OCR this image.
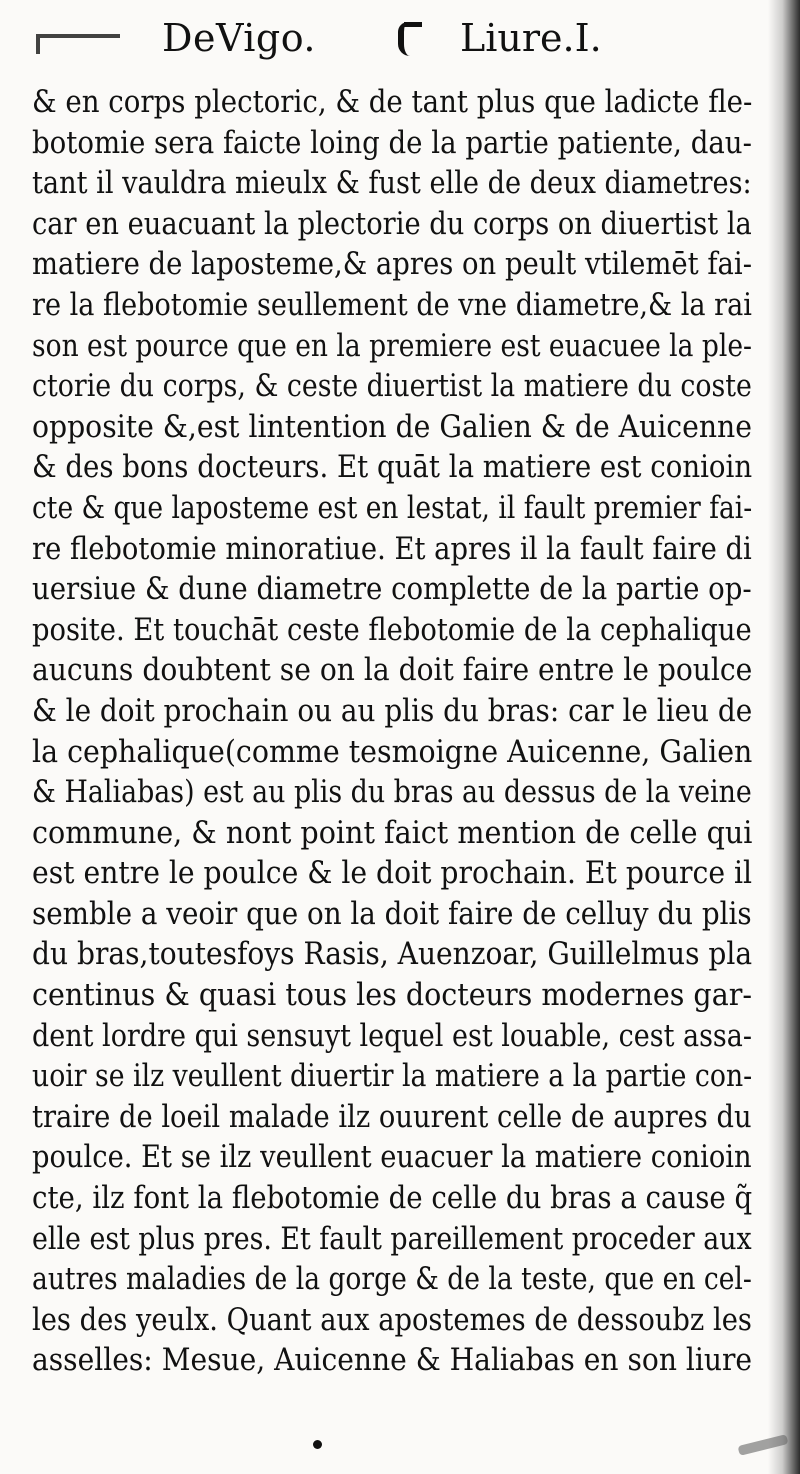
DeVigo.	Liure.I.
& en corps plectoric, & de tant plus que ladicte fle-
botomie sera faicte loing de la partie patiente, dau-
tant il vauldra mieulx & fust elle de deux diametres:
car en euacuant la plectorie du corps on diuertist la
matiere de laposteme,& apres on peult vtilemēt fai-
re la flebotomie seullement de vne diametre,& la rai
son est pource que en la premiere est euacuee la ple-
ctorie du corps, & ceste diuertist la matiere du coste
opposite &,est lintention de Galien & de Auicenne
& des bons docteurs. Et quāt la matiere est conioin
cte & que laposteme est en lestat, il fault premier fai-
re flebotomie minoratiue. Et apres il la fault faire di
uersiue & dune diametre complette de la partie op-
posite. Et touchāt ceste flebotomie de la cephalique
aucuns doubtent se on la doit faire entre le poulce
& le doit prochain ou au plis du bras: car le lieu de
la cephalique(comme tesmoigne Auicenne, Galien
& Haliabas) est au plis du bras au dessus de la veine
commune, & nont point faict mention de celle qui
est entre le poulce & le doit prochain. Et pource il
semble a veoir que on la doit faire de celluy du plis
du bras,toutesfoys Rasis, Auenzoar, Guillelmus pla
centinus & quasi tous les docteurs modernes gar-
dent lordre qui sensuyt lequel est louable, cest assa-
uoir se ilz veullent diuertir la matiere a la partie con-
traire de loeil malade ilz ouurent celle de aupres du
poulce. Et se ilz veullent euacuer la matiere conioin
cte, ilz font la flebotomie de celle du bras a cause q̃
elle est plus pres. Et fault pareillement proceder aux
autres maladies de la gorge & de la teste, que en cel-
les des yeulx. Quant aux apostemes de dessoubz les
asselles: Mesue, Auicenne & Haliabas en son liure
